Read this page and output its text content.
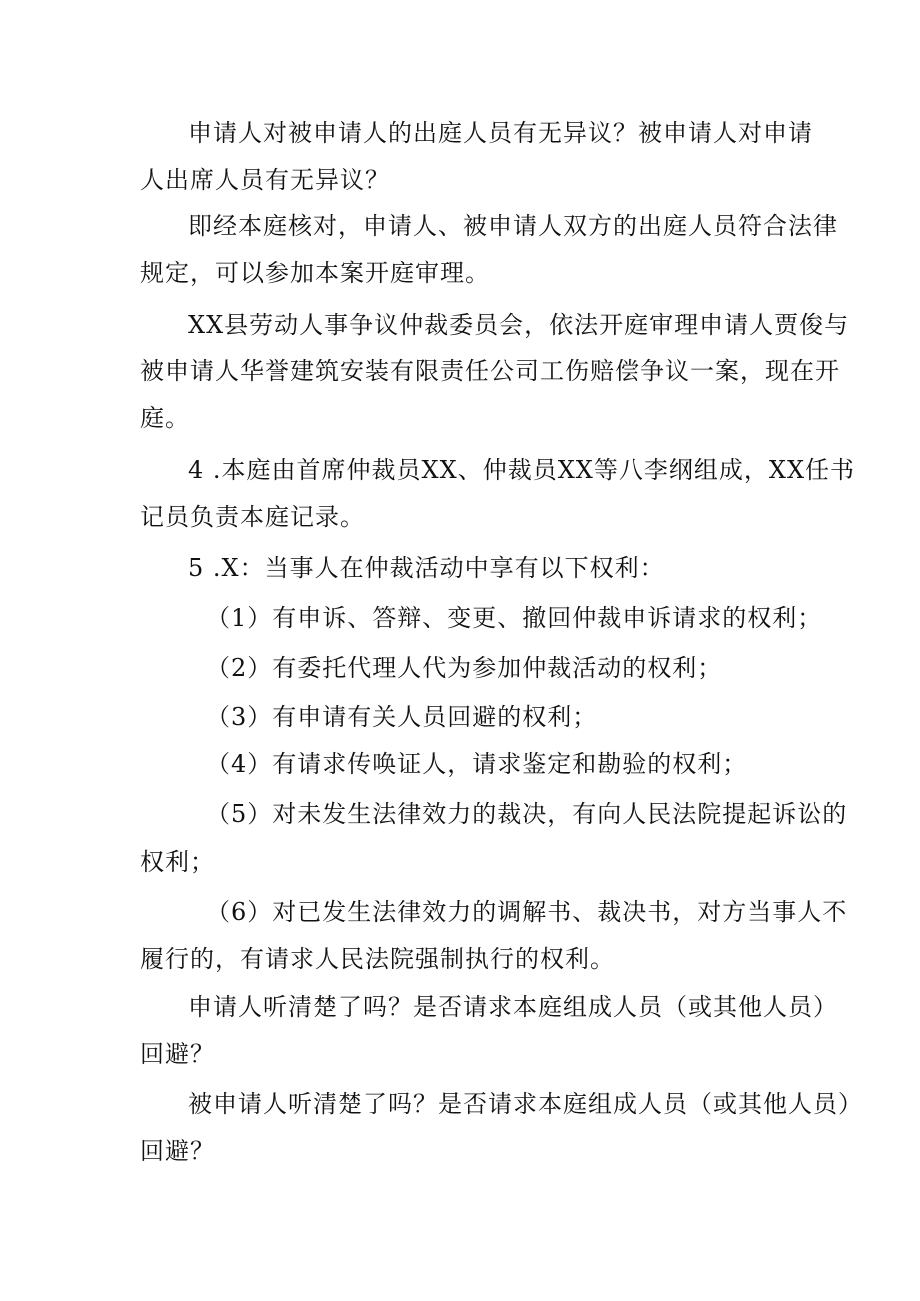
申请人对被申请人的出庭人员有无异议？被申请人对申请
人出席人员有无异议？
即经本庭核对，申请人、被申请人双方的出庭人员符合法律
规定，可以参加本案开庭审理。
XX县劳动人事争议仲裁委员会，依法开庭审理申请人贾俊与
被申请人华誉建筑安装有限责任公司工伤赔偿争议一案，现在开
庭。
4 .本庭由首席仲裁员XX、仲裁员XX等八李纲组成，XX任书
记员负责本庭记录。
5 .X：当事人在仲裁活动中享有以下权利：
（1）有申诉、答辩、变更、撤回仲裁申诉请求的权利；
（2）有委托代理人代为参加仲裁活动的权利；
（3）有申请有关人员回避的权利；
（4）有请求传唤证人，请求鉴定和勘验的权利；
（5）对未发生法律效力的裁决，有向人民法院提起诉讼的
权利；
（6）对已发生法律效力的调解书、裁决书，对方当事人不
履行的，有请求人民法院强制执行的权利。
申请人听清楚了吗？是否请求本庭组成人员（或其他人员）
回避？
被申请人听清楚了吗？是否请求本庭组成人员（或其他人员）
回避？
